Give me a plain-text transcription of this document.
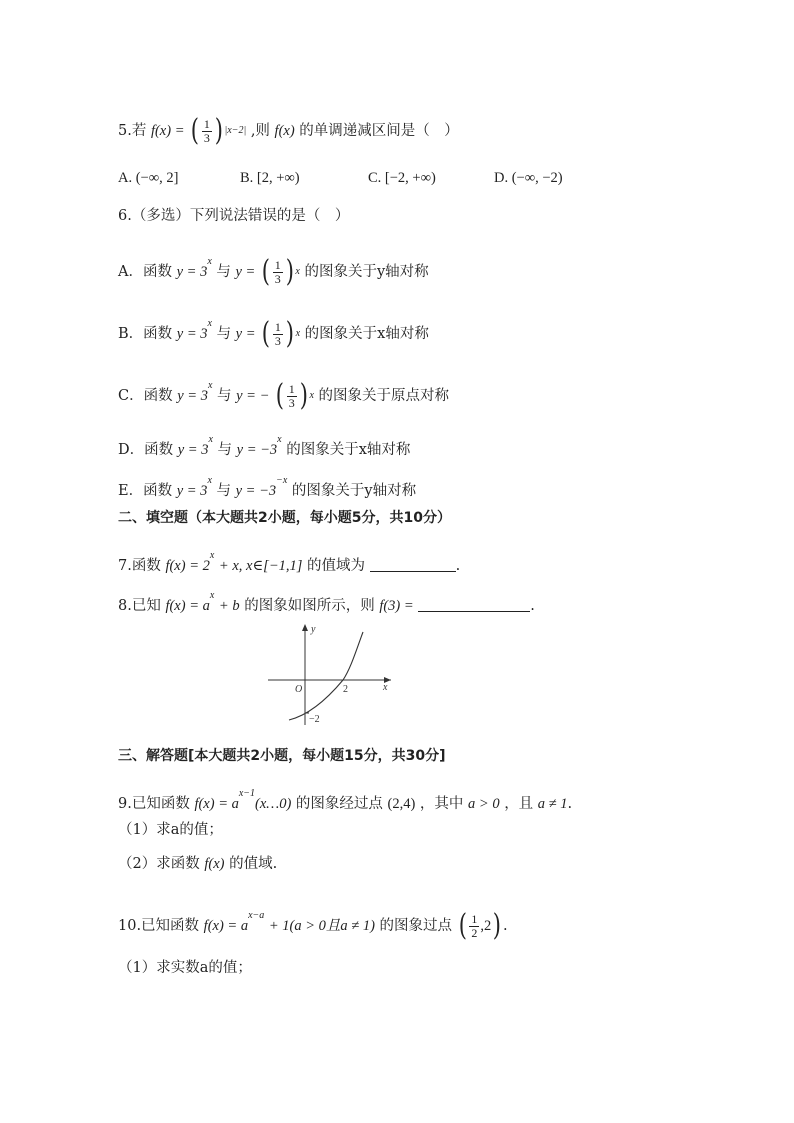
5.若 f(x) = ( $\frac{1}{3}$ ) |x−2| ,则 f(x) 的单调递减区间是（　）
A. (−∞, 2]	B. [2, +∞)	C. [−2, +∞)	D. (−∞, −2)
6.（多选）下列说法错误的是（　）
A．函数 $y = 3^x$ 与 y = ( $\frac{1}{3}$ ) x 的图象关于y轴对称
B．函数 $y = 3^x$ 与 y = ( $\frac{1}{3}$ ) x 的图象关于x轴对称
C．函数 $y = 3^x$ 与 y = − ( $\frac{1}{3}$ ) x 的图象关于原点对称
D．函数 $y = 3^x$ 与 $y = -3^x$ 的图象关于x轴对称
E．函数 $y = 3^x$ 与 $y = -3^{-x}$ 的图象关于y轴对称
二、填空题（本大题共2小题，每小题5分，共10分）
7.函数 $f(x) = 2^x + x$, x∈[−1,1] 的值域为	.
8.已知 $f(x) = a^x + b$ 的图象如图所示，则 f(3) =	.
y
x
O	2
−2
三、解答题[本大题共2小题，每小题15分，共30分]
9.已知函数 $f(x) = a^{x-1}(x\dots 0)$ 的图象经过点 (2,4) ，其中 a > 0 ，且 a ≠ 1.
（1）求a的值；
（2）求函数 f(x) 的值域.
10.已知函数 $f(x) = a^{x-a} + 1(a > 0$且a ≠ 1) 的图象过点 ( $\frac{1}{2}$ , 2 ) .
（1）求实数a的值；
